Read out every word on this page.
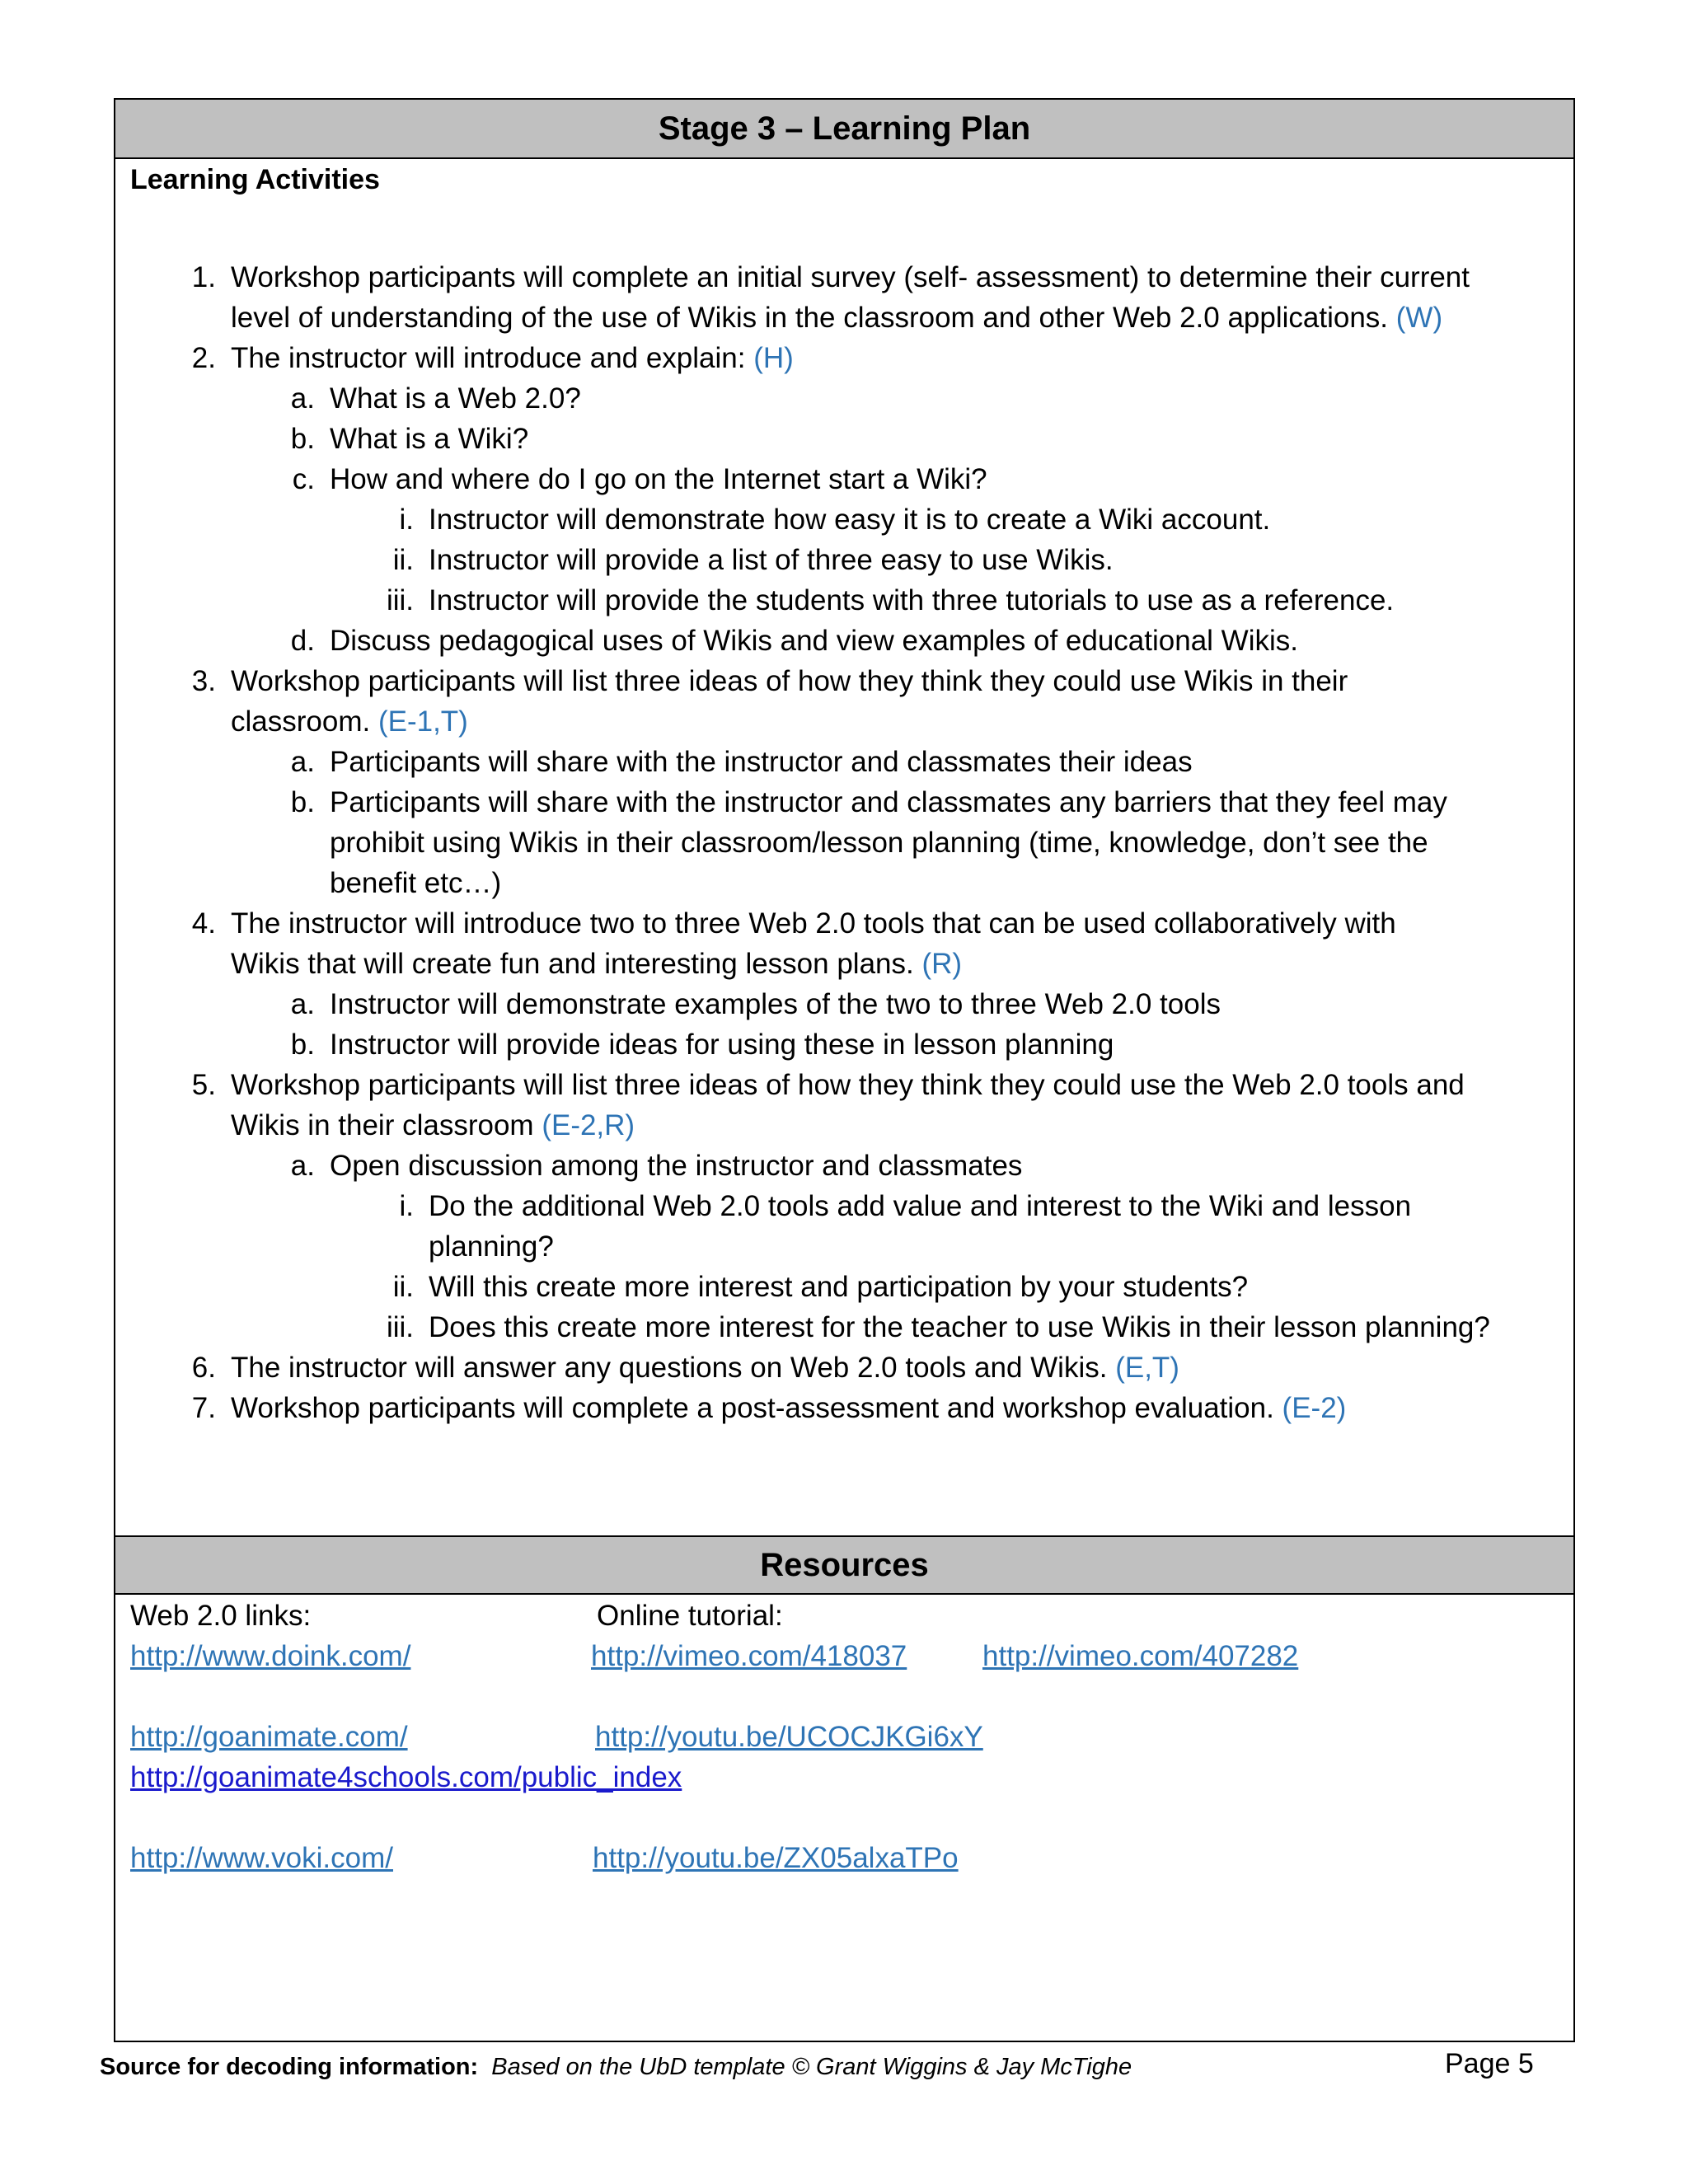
Stage 3 – Learning Plan
Learning Activities
1. Workshop participants will complete an initial survey (self- assessment) to determine their current
level of understanding of the use of Wikis in the classroom and other Web 2.0 applications. (W)
2. The instructor will introduce and explain: (H)
a. What is a Web 2.0?
b. What is a Wiki?
c. How and where do I go on the Internet start a Wiki?
i. Instructor will demonstrate how easy it is to create a Wiki account.
ii. Instructor will provide a list of three easy to use Wikis.
iii. Instructor will provide the students with three tutorials to use as a reference.
d. Discuss pedagogical uses of Wikis and view examples of educational Wikis.
3. Workshop participants will list three ideas of how they think they could use Wikis in their
classroom. (E-1,T)
a. Participants will share with the instructor and classmates their ideas
b. Participants will share with the instructor and classmates any barriers that they feel may
prohibit using Wikis in their classroom/lesson planning (time, knowledge, don’t see the
benefit etc…)
4. The instructor will introduce two to three Web 2.0 tools that can be used collaboratively with
Wikis that will create fun and interesting lesson plans. (R)
a. Instructor will demonstrate examples of the two to three Web 2.0 tools
b. Instructor will provide ideas for using these in lesson planning
5. Workshop participants will list three ideas of how they think they could use the Web 2.0 tools and
Wikis in their classroom (E-2,R)
a. Open discussion among the instructor and classmates
i. Do the additional Web 2.0 tools add value and interest to the Wiki and lesson
planning?
ii. Will this create more interest and participation by your students?
iii. Does this create more interest for the teacher to use Wikis in their lesson planning?
6. The instructor will answer any questions on Web 2.0 tools and Wikis. (E,T)
7. Workshop participants will complete a post-assessment and workshop evaluation. (E-2)
Resources
Web 2.0 links:	Online tutorial:
http://www.doink.com/	http://vimeo.com/418037	http://vimeo.com/407282
http://goanimate.com/	http://youtu.be/UCOCJKGi6xY
http://goanimate4schools.com/public_index
http://www.voki.com/	http://youtu.be/ZX05alxaTPo
Source for decoding information: Based on the UbD template © Grant Wiggins & Jay McTighe	Page 5
